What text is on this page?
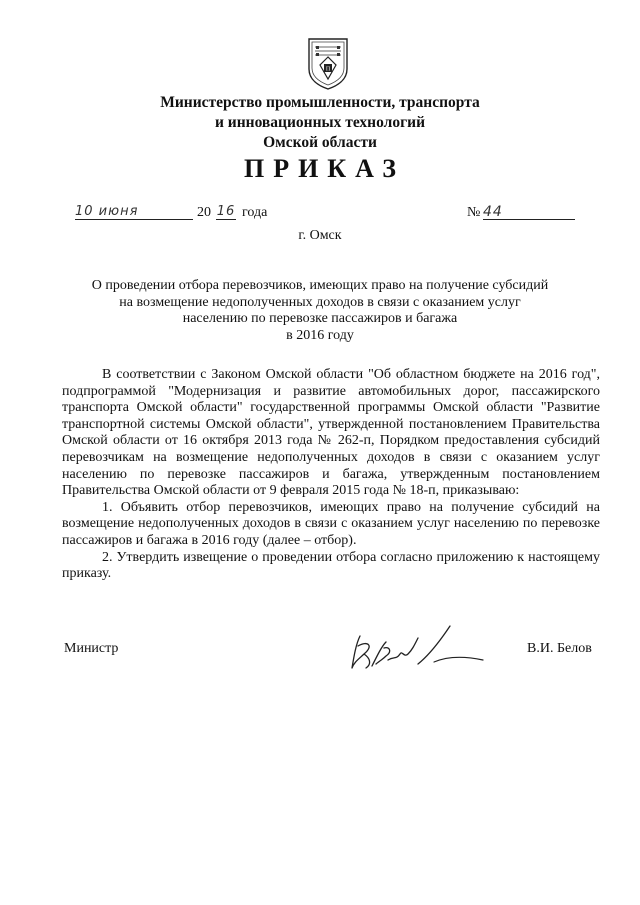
П
Министерство промышленности, транспорта
и инновационных технологий
Омской области
ПРИКАЗ
10 июня	20 16 года	№ 44
г. Омск
О проведении отбора перевозчиков, имеющих право на получение субсидий
на возмещение недополученных доходов в связи с оказанием услуг
населению по перевозке пассажиров и багажа
в 2016 году

В соответствии с Законом Омской области "Об областном бюджете на 2016 год", подпрограммой "Модернизация и развитие автомобильных дорог, пассажирского транспорта Омской области" государственной программы Омской области "Развитие транспортной системы Омской области", утвержденной постановлением Правительства Омской области от 16 октября 2013 года № 262-п, Порядком предоставления субсидий перевозчикам на возмещение недополученных доходов в связи с оказанием услуг населению по перевозке пассажиров и багажа, утвержденным постановлением Правительства Омской области от 9 февраля 2015 года № 18-п, приказываю:

1. Объявить отбор перевозчиков, имеющих право на получение субсидий на возмещение недополученных доходов в связи с оказанием услуг населению по перевозке пассажиров и багажа в 2016 году (далее – отбор).

2. Утвердить извещение о проведении отбора согласно приложению к настоящему приказу.

Министр	В.И. Белов
